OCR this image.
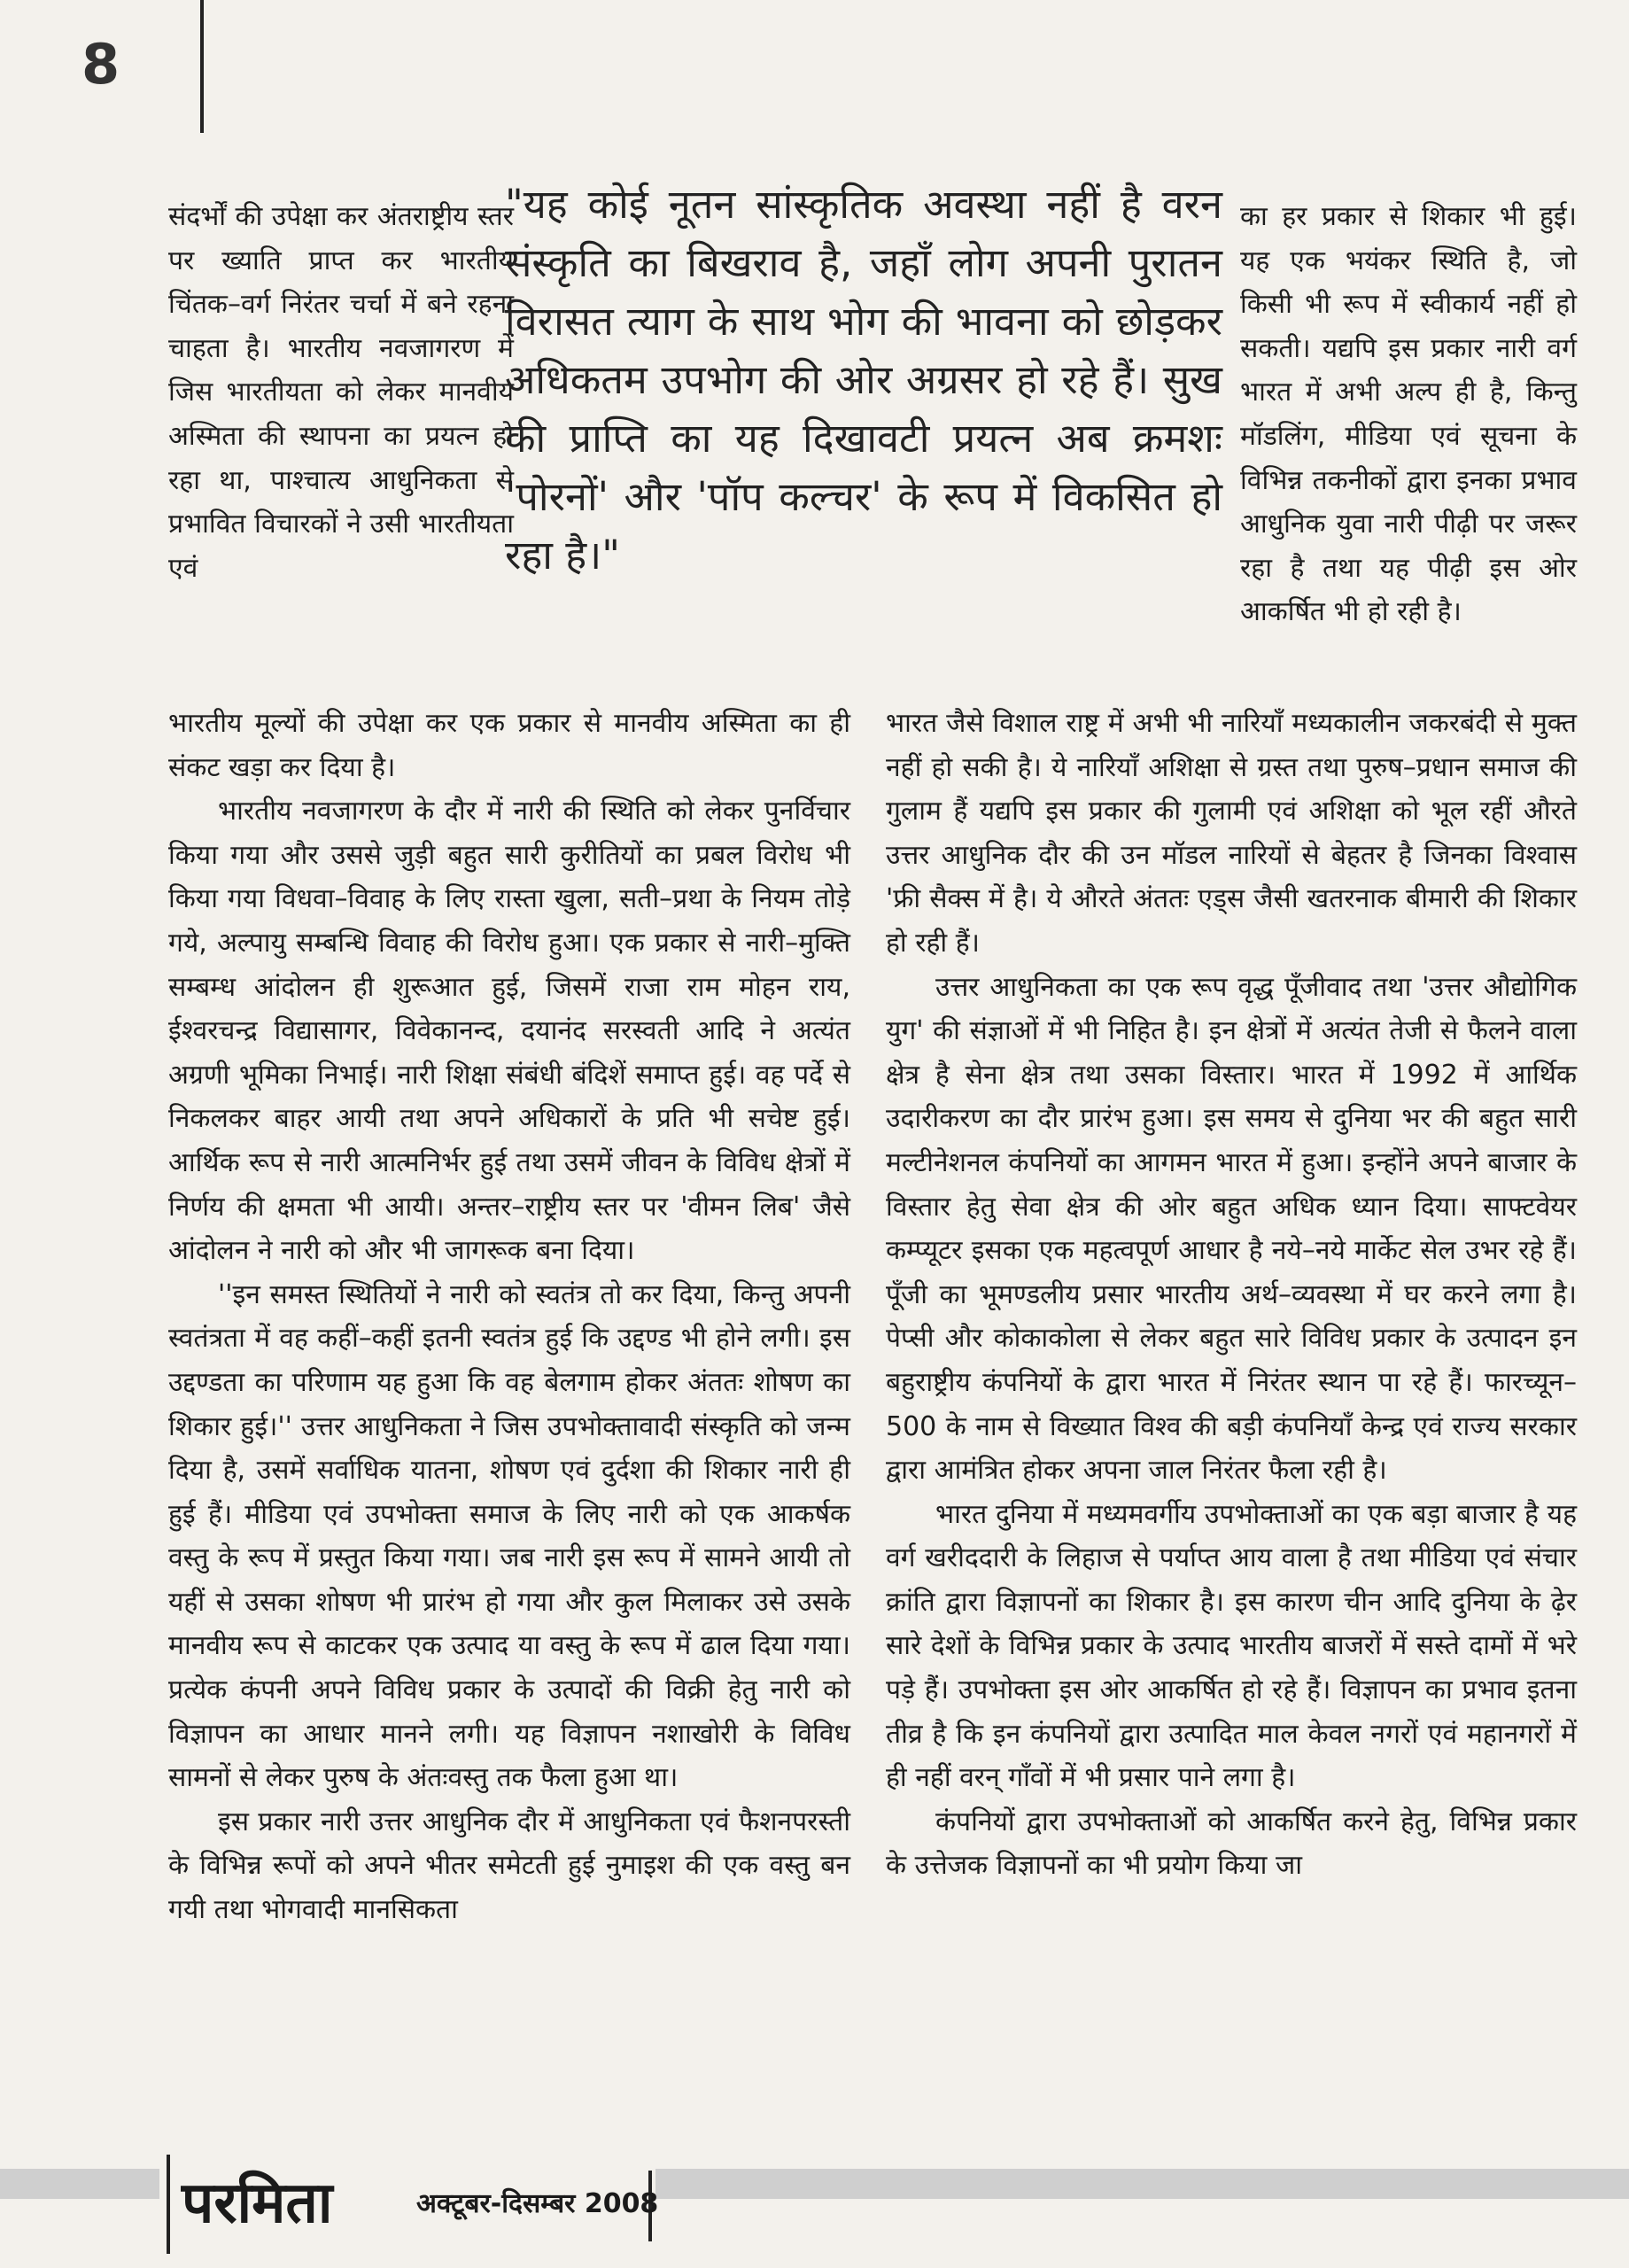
8

संदर्भों की उपेक्षा कर अंतराष्ट्रीय स्तर पर ख्याति प्राप्त कर भारतीय चिंतक–वर्ग निरंतर चर्चा में बने रहना चाहता है। भारतीय नवजागरण में जिस भारतीयता को लेकर मानवीय अस्मिता की स्थापना का प्रयत्न हो रहा था, पाश्चात्य आधुनिकता से प्रभावित विचारकों ने उसी भारतीयता एवं

"यह कोई नूतन सांस्कृतिक अवस्था नहीं है वरन संस्कृति का बिखराव है, जहाँ लोग अपनी पुरातन विरासत त्याग के साथ भोग की भावना को छोड़कर अधिकतम उपभोग की ओर अग्रसर हो रहे हैं। सुख की प्राप्ति का यह दिखावटी प्रयत्न अब क्रमशः 'पोरनों' और 'पॉप कल्चर' के रूप में विकसित हो रहा है।"

का हर प्रकार से शिकार भी हुई। यह एक भयंकर स्थिति है, जो किसी भी रूप में स्वीकार्य नहीं हो सकती। यद्यपि इस प्रकार नारी वर्ग भारत में अभी अल्प ही है, किन्तु मॉडलिंग, मीडिया एवं सूचना के विभिन्न तकनीकों द्वारा इनका प्रभाव आधुनिक युवा नारी पीढ़ी पर जरूर रहा है तथा यह पीढ़ी इस ओर आकर्षित भी हो रही है।

भारतीय मूल्यों की उपेक्षा कर एक प्रकार से मानवीय अस्मिता का ही संकट खड़ा कर दिया है।

भारतीय नवजागरण के दौर में नारी की स्थिति को लेकर पुनर्विचार किया गया और उससे जुड़ी बहुत सारी कुरीतियों का प्रबल विरोध भी किया गया विधवा–विवाह के लिए रास्ता खुला, सती–प्रथा के नियम तोड़े गये, अल्पायु सम्बन्धि विवाह की विरोध हुआ। एक प्रकार से नारी–मुक्ति सम्बम्ध आंदोलन ही शुरूआत हुई, जिसमें राजा राम मोहन राय, ईश्वरचन्द्र विद्यासागर, विवेकानन्द, दयानंद सरस्वती आदि ने अत्यंत अग्रणी भूमिका निभाई। नारी शिक्षा संबंधी बंदिशें समाप्त हुई। वह पर्दे से निकलकर बाहर आयी तथा अपने अधिकारों के प्रति भी सचेष्ट हुई। आर्थिक रूप से नारी आत्मनिर्भर हुई तथा उसमें जीवन के विविध क्षेत्रों में निर्णय की क्षमता भी आयी। अन्तर–राष्ट्रीय स्तर पर 'वीमन लिब' जैसे आंदोलन ने नारी को और भी जागरूक बना दिया।

''इन समस्त स्थितियों ने नारी को स्वतंत्र तो कर दिया, किन्तु अपनी स्वतंत्रता में वह कहीं–कहीं इतनी स्वतंत्र हुई कि उद्दण्ड भी होने लगी। इस उद्दण्डता का परिणाम यह हुआ कि वह बेलगाम होकर अंततः शोषण का शिकार हुई।'' उत्तर आधुनिकता ने जिस उपभोक्तावादी संस्कृति को जन्म दिया है, उसमें सर्वाधिक यातना, शोषण एवं दुर्दशा की शिकार नारी ही हुई हैं। मीडिया एवं उपभोक्ता समाज के लिए नारी को एक आकर्षक वस्तु के रूप में प्रस्तुत किया गया। जब नारी इस रूप में सामने आयी तो यहीं से उसका शोषण भी प्रारंभ हो गया और कुल मिलाकर उसे उसके मानवीय रूप से काटकर एक उत्पाद या वस्तु के रूप में ढाल दिया गया। प्रत्येक कंपनी अपने विविध प्रकार के उत्पादों की विक्री हेतु नारी को विज्ञापन का आधार मानने लगी। यह विज्ञापन नशाखोरी के विविध सामनों से लेकर पुरुष के अंतःवस्तु तक फैला हुआ था।

इस प्रकार नारी उत्तर आधुनिक दौर में आधुनिकता एवं फैशनपरस्ती के विभिन्न रूपों को अपने भीतर समेटती हुई नुमाइश की एक वस्तु बन गयी तथा भोगवादी मानसिकता

भारत जैसे विशाल राष्ट्र में अभी भी नारियाँ मध्यकालीन जकरबंदी से मुक्त नहीं हो सकी है। ये नारियाँ अशिक्षा से ग्रस्त तथा पुरुष–प्रधान समाज की गुलाम हैं यद्यपि इस प्रकार की गुलामी एवं अशिक्षा को भूल रहीं औरते उत्तर आधुनिक दौर की उन मॉडल नारियों से बेहतर है जिनका विश्वास 'फ्री सैक्स में है। ये औरते अंततः एड्स जैसी खतरनाक बीमारी की शिकार हो रही हैं।

उत्तर आधुनिकता का एक रूप वृद्ध पूँजीवाद तथा 'उत्तर औद्योगिक युग' की संज्ञाओं में भी निहित है। इन क्षेत्रों में अत्यंत तेजी से फैलने वाला क्षेत्र है सेना क्षेत्र तथा उसका विस्तार। भारत में 1992 में आर्थिक उदारीकरण का दौर प्रारंभ हुआ। इस समय से दुनिया भर की बहुत सारी मल्टीनेशनल कंपनियों का आगमन भारत में हुआ। इन्होंने अपने बाजार के विस्तार हेतु सेवा क्षेत्र की ओर बहुत अधिक ध्यान दिया। साफ्टवेयर कम्प्यूटर इसका एक महत्वपूर्ण आधार है नये–नये मार्केट सेल उभर रहे हैं। पूँजी का भूमण्डलीय प्रसार भारतीय अर्थ–व्यवस्था में घर करने लगा है। पेप्सी और कोकाकोला से लेकर बहुत सारे विविध प्रकार के उत्पादन इन बहुराष्ट्रीय कंपनियों के द्वारा भारत में निरंतर स्थान पा रहे हैं। फारच्यून– 500 के नाम से विख्यात विश्व की बड़ी कंपनियाँ केन्द्र एवं राज्य सरकार द्वारा आमंत्रित होकर अपना जाल निरंतर फैला रही है।

भारत दुनिया में मध्यमवर्गीय उपभोक्ताओं का एक बड़ा बाजार है यह वर्ग खरीददारी के लिहाज से पर्याप्त आय वाला है तथा मीडिया एवं संचार क्रांति द्वारा विज्ञापनों का शिकार है। इस कारण चीन आदि दुनिया के ढ़ेर सारे देशों के विभिन्न प्रकार के उत्पाद भारतीय बाजरों में सस्ते दामों में भरे पड़े हैं। उपभोक्ता इस ओर आकर्षित हो रहे हैं। विज्ञापन का प्रभाव इतना तीव्र है कि इन कंपनियों द्वारा उत्पादित माल केवल नगरों एवं महानगरों में ही नहीं वरन् गाँवों में भी प्रसार पाने लगा है।

कंपनियों द्वारा उपभोक्ताओं को आकर्षित करने हेतु, विभिन्न प्रकार के उत्तेजक विज्ञापनों का भी प्रयोग किया जा

परमिता	अक्टूबर-दिसम्बर 2008
